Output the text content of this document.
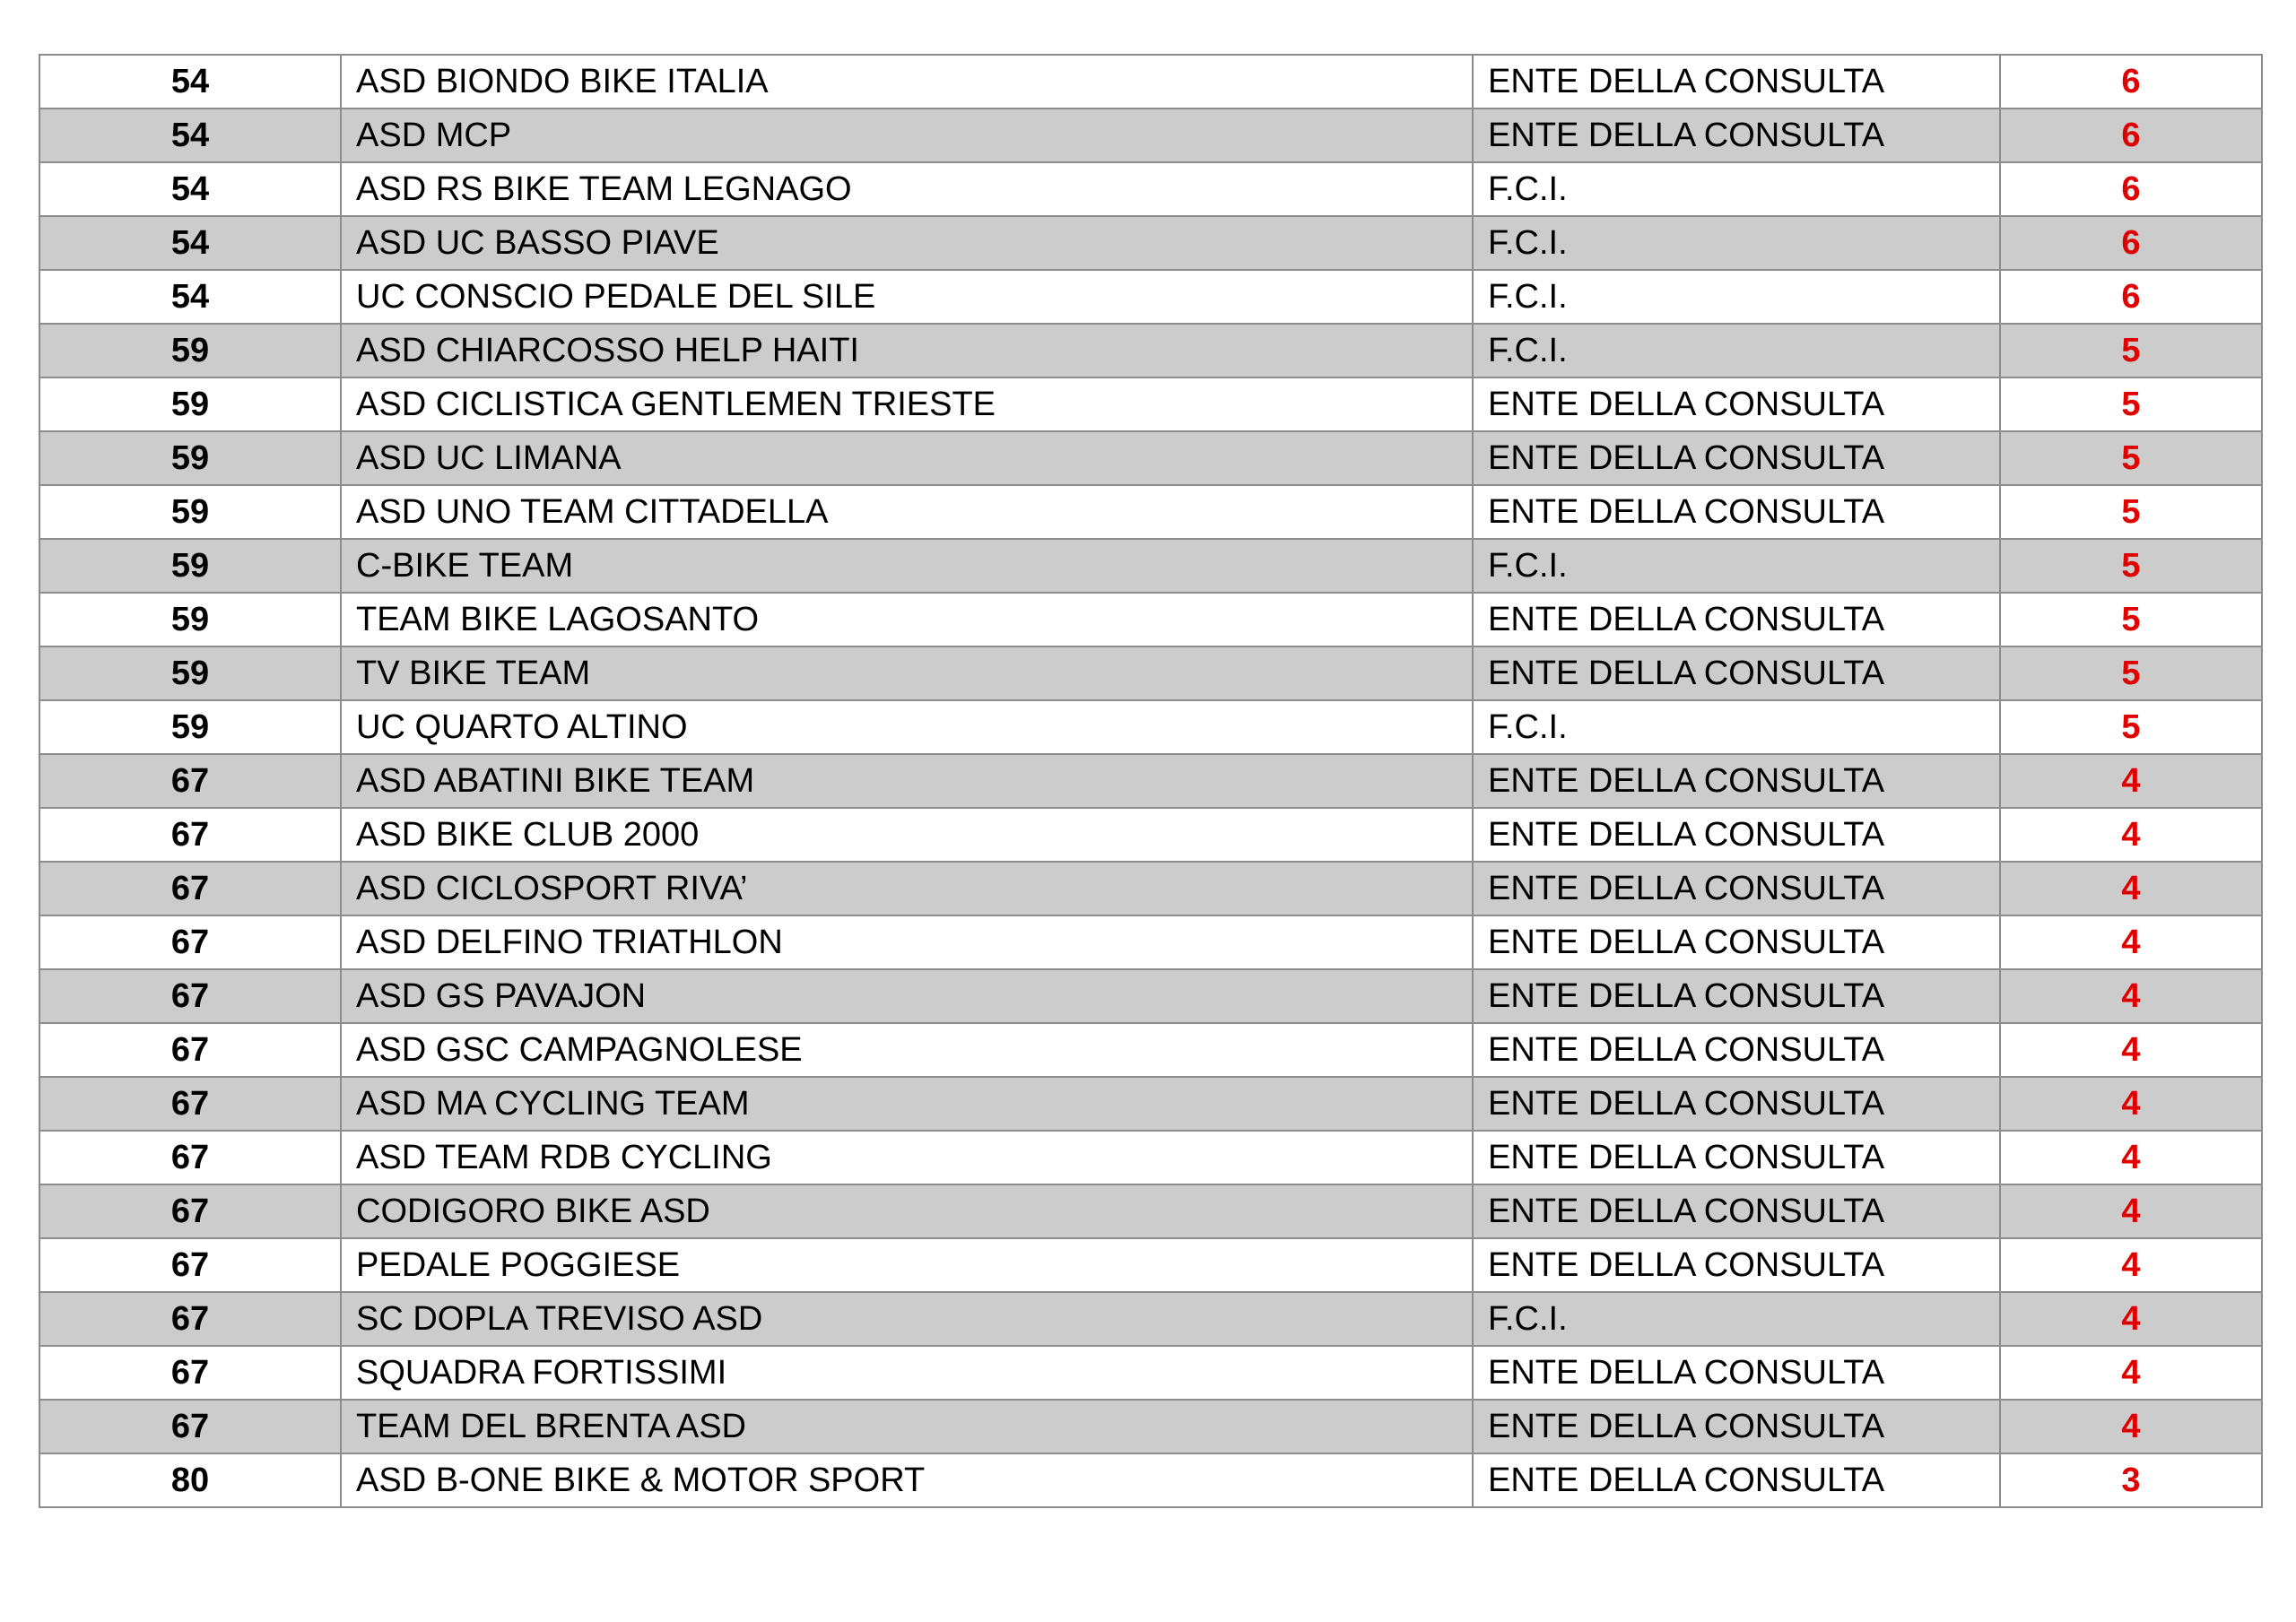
54	ASD BIONDO BIKE ITALIA	ENTE DELLA CONSULTA	6
54	ASD MCP	ENTE DELLA CONSULTA	6
54	ASD RS BIKE TEAM LEGNAGO	F.C.I.	6
54	ASD UC BASSO PIAVE	F.C.I.	6
54	UC CONSCIO PEDALE DEL SILE	F.C.I.	6
59	ASD CHIARCOSSO HELP HAITI	F.C.I.	5
59	ASD CICLISTICA GENTLEMEN TRIESTE	ENTE DELLA CONSULTA	5
59	ASD UC LIMANA	ENTE DELLA CONSULTA	5
59	ASD UNO TEAM CITTADELLA	ENTE DELLA CONSULTA	5
59	C-BIKE TEAM	F.C.I.	5
59	TEAM BIKE LAGOSANTO	ENTE DELLA CONSULTA	5
59	TV BIKE TEAM	ENTE DELLA CONSULTA	5
59	UC QUARTO ALTINO	F.C.I.	5
67	ASD ABATINI BIKE TEAM	ENTE DELLA CONSULTA	4
67	ASD BIKE CLUB 2000	ENTE DELLA CONSULTA	4
67	ASD CICLOSPORT RIVA’	ENTE DELLA CONSULTA	4
67	ASD DELFINO TRIATHLON	ENTE DELLA CONSULTA	4
67	ASD GS PAVAJON	ENTE DELLA CONSULTA	4
67	ASD GSC CAMPAGNOLESE	ENTE DELLA CONSULTA	4
67	ASD MA CYCLING TEAM	ENTE DELLA CONSULTA	4
67	ASD TEAM RDB CYCLING	ENTE DELLA CONSULTA	4
67	CODIGORO BIKE ASD	ENTE DELLA CONSULTA	4
67	PEDALE POGGIESE	ENTE DELLA CONSULTA	4
67	SC DOPLA TREVISO ASD	F.C.I.	4
67	SQUADRA FORTISSIMI	ENTE DELLA CONSULTA	4
67	TEAM DEL BRENTA ASD	ENTE DELLA CONSULTA	4
80	ASD B-ONE BIKE & MOTOR SPORT	ENTE DELLA CONSULTA	3
